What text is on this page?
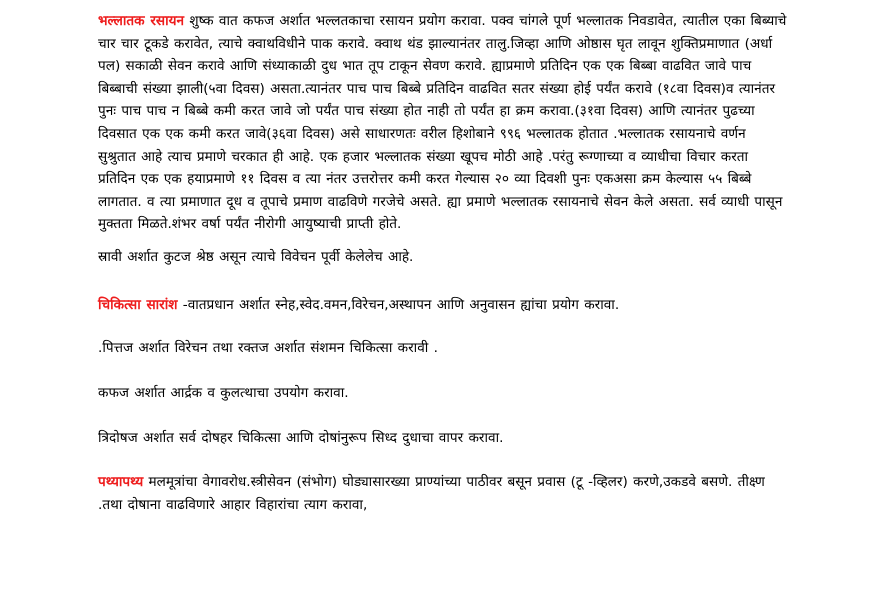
भल्लातक रसायन शुष्क वात कफज अर्शात भल्लतकाचा रसायन प्रयोग करावा. पक्व चांगले पूर्ण भल्लातक निवडावेत, त्यातील एका बिब्याचे चार चार टूकडे करावेत, त्याचे क्वाथविधीने पाक करावे. क्वाथ थंड झाल्यानंतर तालु.जिव्हा आणि ओष्ठास घृत लावून शुक्तिप्रमाणात (अर्धा पल) सकाळी सेवन करावे आणि संध्याकाळी दुध भात तूप टाकून सेवण करावे. ह्याप्रमाणे प्रतिदिन एक एक बिब्बा वाढवित जावे पाच बिब्बाची संख्या झाली(५वा दिवस) असता.त्यानंतर पाच पाच बिब्बे प्रतिदिन वाढवित सतर संख्या होई पर्यंत करावे (१८वा दिवस)व त्यानंतर पुनः पाच पाच न बिब्बे कमी करत जावे जो पर्यंत पाच संख्या होत नाही तो पर्यंत हा क्रम करावा.(३१वा दिवस) आणि त्यानंतर पुढच्या दिवसात एक एक कमी करत जावे(३६वा दिवस) असे साधारणतः वरील हिशोबाने ९९६ भल्लातक होतात .भल्लातक रसायनाचे वर्णन सुश्रुतात आहे त्याच प्रमाणे चरकात ही आहे. एक हजार भल्लातक संख्या खूपच मोठी आहे .परंतु रूग्णाच्या व व्याधीचा विचार करता प्रतिदिन एक एक हयाप्रमाणे ११ दिवस व त्या नंतर उत्तरोत्तर कमी करत गेल्यास २० व्या दिवशी पुनः एकअसा क्रम केल्यास ५५ बिब्बे लागतात. व त्या प्रमाणात दूध व तूपाचे प्रमाण वाढविणे गरजेचे असते. ह्या प्रमाणे भल्लातक रसायनाचे सेवन केले असता. सर्व व्याधी पासून मुक्तता मिळते.शंभर वर्षा पर्यंत नीरोगी आयुष्याची प्राप्ती होते.

स्रावी अर्शात कुटज श्रेष्ठ असून त्याचे विवेचन पूर्वी केलेलेच आहे.

चिकित्सा सारांश -वातप्रधान अर्शात स्नेह,स्वेद.वमन,विरेचन,अस्थापन आणि अनुवासन ह्यांचा प्रयोग करावा.

.पित्तज अर्शात विरेचन तथा रक्तज अर्शात संशमन चिकित्सा करावी .

कफज अर्शात आर्द्रक व कुलत्थाचा उपयोग करावा.

त्रिदोषज अर्शात सर्व दोषहर चिकित्सा आणि दोषांनुरूप सिध्द दुधाचा वापर करावा.

पथ्यापथ्य मलमूत्रांचा वेगावरोध.स्त्रीसेवन (संभोग) घोड्यासारख्या प्राण्यांच्या पाठीवर बसून प्रवास (टू -व्हिलर) करणे,उकडवे बसणे. तीक्ष्ण .तथा दोषाना वाढविणारे आहार विहारांचा त्याग करावा,
